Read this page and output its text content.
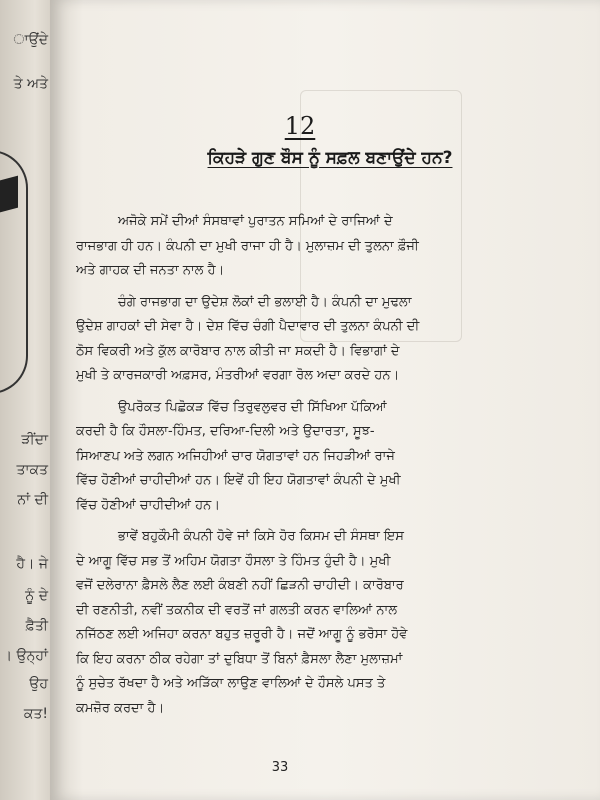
ਾਉਂਦੇ
ਤੇ ਅਤੇ
ੜੀਂਦਾ
ਤਾਕਤ
ਨਾਂ ਦੀ
ਹੈ। ਜੇ
ਨੂੰ ਦੇ
ਫ਼ੈਤੀ
। ਉਨ੍ਹਾਂ
ਉਹ
ਕਤ!
12
ਕਿਹੜੇ ਗੁਣ ਬੌਸ ਨੂੰ ਸਫ਼ਲ ਬਣਾਉਂਦੇ ਹਨ?
ਅਜੋਕੇ ਸਮੇਂ ਦੀਆਂ ਸੰਸਥਾਵਾਂ ਪੁਰਾਤਨ ਸਮਿਆਂ ਦੇ ਰਾਜਿਆਂ ਦੇ
ਰਾਜਭਾਗ ਹੀ ਹਨ। ਕੰਪਨੀ ਦਾ ਮੁਖੀ ਰਾਜਾ ਹੀ ਹੈ। ਮੁਲਾਜ਼ਮ ਦੀ ਤੁਲਨਾ ਫ਼ੌਜੀ
ਅਤੇ ਗਾਹਕ ਦੀ ਜਨਤਾ ਨਾਲ ਹੈ।
ਚੰਗੇ ਰਾਜਭਾਗ ਦਾ ਉਦੇਸ਼ ਲੋਕਾਂ ਦੀ ਭਲਾਈ ਹੈ। ਕੰਪਨੀ ਦਾ ਮੁਢਲਾ
ਉਦੇਸ਼ ਗਾਹਕਾਂ ਦੀ ਸੇਵਾ ਹੈ। ਦੇਸ਼ ਵਿੱਚ ਚੰਗੀ ਪੈਦਾਵਾਰ ਦੀ ਤੁਲਨਾ ਕੰਪਨੀ ਦੀ
ਠੋਸ ਵਿਕਰੀ ਅਤੇ ਕੁੱਲ ਕਾਰੋਬਾਰ ਨਾਲ ਕੀਤੀ ਜਾ ਸਕਦੀ ਹੈ। ਵਿਭਾਗਾਂ ਦੇ
ਮੁਖੀ ਤੇ ਕਾਰਜਕਾਰੀ ਅਫ਼ਸਰ, ਮੰਤਰੀਆਂ ਵਰਗਾ ਰੋਲ ਅਦਾ ਕਰਦੇ ਹਨ।
ਉਪਰੋਕਤ ਪਿਛੋਕੜ ਵਿੱਚ ਤਿਰੁਵਲੁਵਰ ਦੀ ਸਿੱਖਿਆ ਪੱਕਿਆਂ
ਕਰਦੀ ਹੈ ਕਿ ਹੌਸਲਾ-ਹਿੰਮਤ, ਦਰਿਆ-ਦਿਲੀ ਅਤੇ ਉਦਾਰਤਾ, ਸੂਝ-
ਸਿਆਣਪ ਅਤੇ ਲਗਨ ਅਜਿਹੀਆਂ ਚਾਰ ਯੋਗਤਾਵਾਂ ਹਨ ਜਿਹੜੀਆਂ ਰਾਜੇ
ਵਿੱਚ ਹੋਣੀਆਂ ਚਾਹੀਦੀਆਂ ਹਨ। ਇਵੇਂ ਹੀ ਇਹ ਯੋਗਤਾਵਾਂ ਕੰਪਨੀ ਦੇ ਮੁਖੀ
ਵਿੱਚ ਹੋਣੀਆਂ ਚਾਹੀਦੀਆਂ ਹਨ।
ਭਾਵੇਂ ਬਹੁਕੌਮੀ ਕੰਪਨੀ ਹੋਵੇ ਜਾਂ ਕਿਸੇ ਹੋਰ ਕਿਸਮ ਦੀ ਸੰਸਥਾ ਇਸ
ਦੇ ਆਗੂ ਵਿੱਚ ਸਭ ਤੋਂ ਅਹਿਮ ਯੋਗਤਾ ਹੌਸਲਾ ਤੇ ਹਿੰਮਤ ਹੁੰਦੀ ਹੈ। ਮੁਖੀ
ਵਜੋਂ ਦਲੇਰਾਨਾ ਫ਼ੈਸਲੇ ਲੈਣ ਲਈ ਕੰਬਣੀ ਨਹੀਂ ਛਿੜਨੀ ਚਾਹੀਦੀ। ਕਾਰੋਬਾਰ
ਦੀ ਰਣਨੀਤੀ, ਨਵੀਂ ਤਕਨੀਕ ਦੀ ਵਰਤੋਂ ਜਾਂ ਗਲਤੀ ਕਰਨ ਵਾਲਿਆਂ ਨਾਲ
ਨਜਿੱਠਣ ਲਈ ਅਜਿਹਾ ਕਰਨਾ ਬਹੁਤ ਜ਼ਰੂਰੀ ਹੈ। ਜਦੋਂ ਆਗੂ ਨੂੰ ਭਰੋਸਾ ਹੋਵੇ
ਕਿ ਇਹ ਕਰਨਾ ਠੀਕ ਰਹੇਗਾ ਤਾਂ ਦੁਬਿਧਾ ਤੋਂ ਬਿਨਾਂ ਫ਼ੈਸਲਾ ਲੈਣਾ ਮੁਲਾਜ਼ਮਾਂ
ਨੂੰ ਸੁਚੇਤ ਰੱਖਦਾ ਹੈ ਅਤੇ ਅੜਿੱਕਾ ਲਾਉਣ ਵਾਲਿਆਂ ਦੇ ਹੌਸਲੇ ਪਸਤ ਤੇ
ਕਮਜ਼ੋਰ ਕਰਦਾ ਹੈ।
33
